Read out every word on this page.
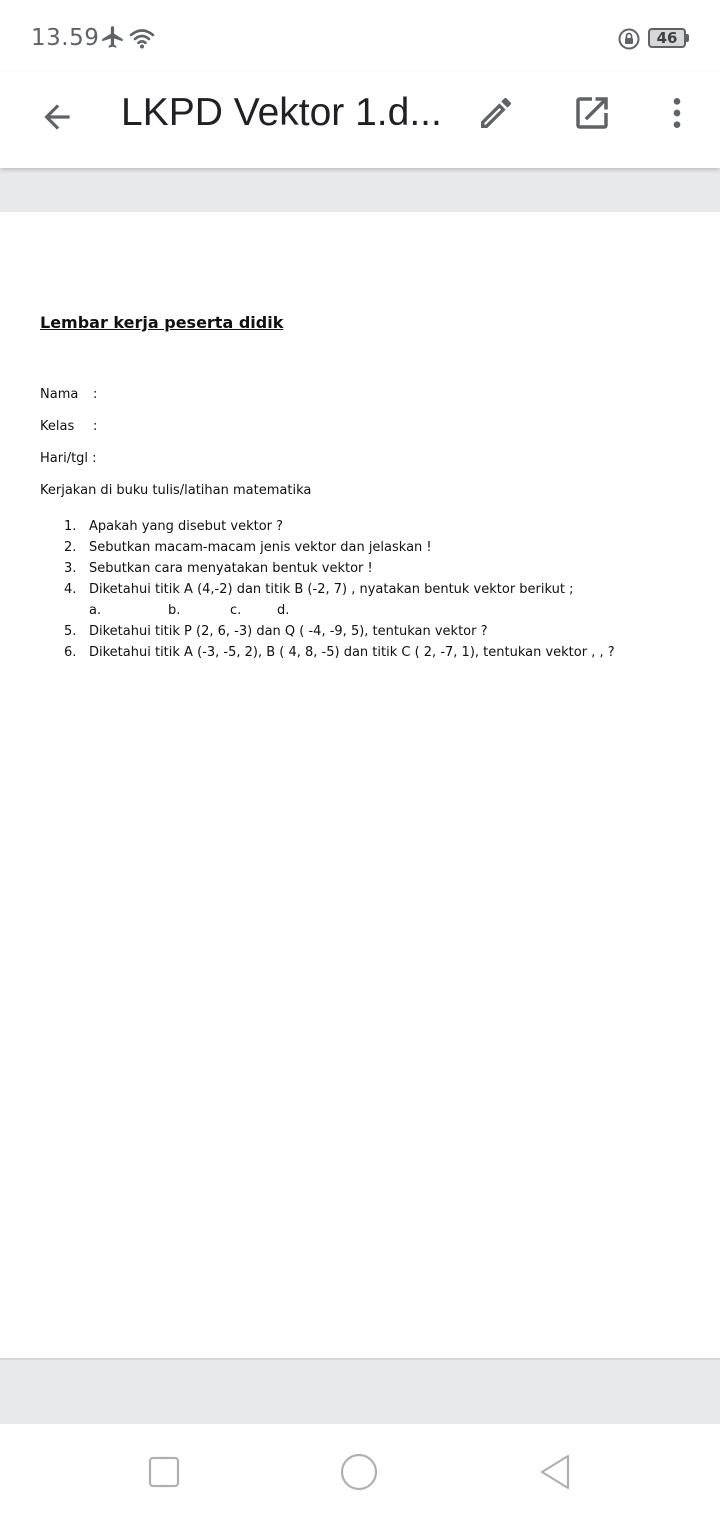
13.59	46
LKPD Vektor 1.d...
Lembar kerja peserta didik
Nama :
Kelas :
Hari/tgl :
Kerjakan di buku tulis/latihan matematika
1. Apakah yang disebut vektor ?
2. Sebutkan macam-macam jenis vektor dan jelaskan !
3. Sebutkan cara menyatakan bentuk vektor !
4. Diketahui titik A (4,-2) dan titik B (-2, 7) , nyatakan bentuk vektor berikut ;
a.	b.	c.	d.
5. Diketahui titik P (2, 6, -3) dan Q ( -4, -9, 5), tentukan vektor ?
6. Diketahui titik A (-3, -5, 2), B ( 4, 8, -5) dan titik C ( 2, -7, 1), tentukan vektor , , ?
